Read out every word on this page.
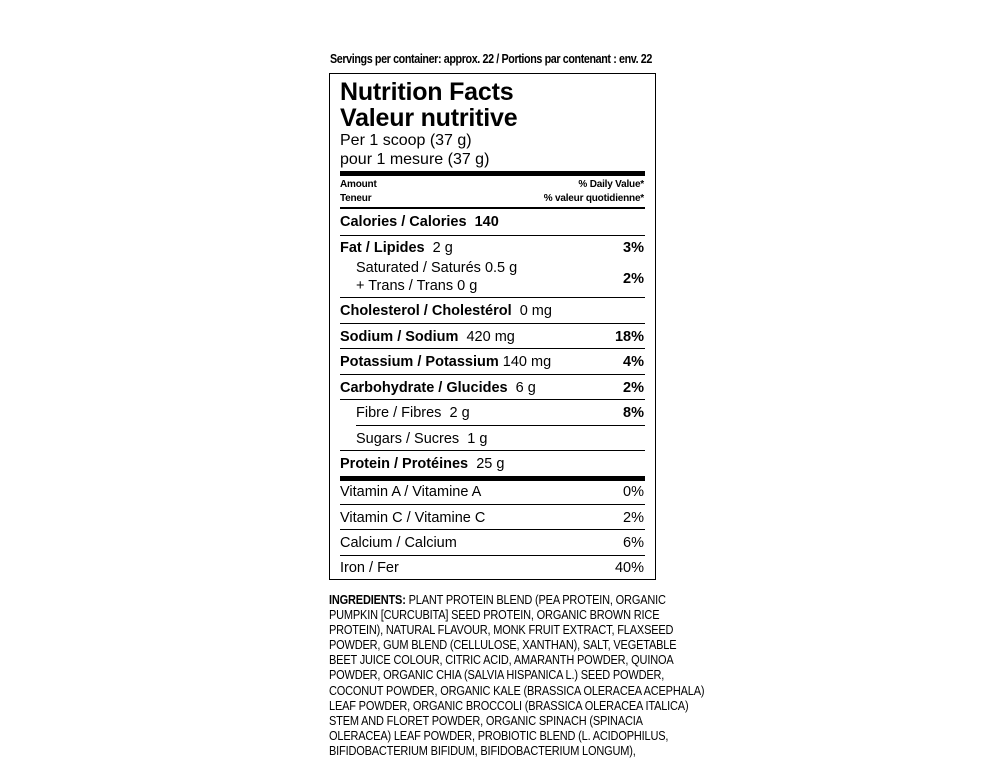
Servings per container: approx. 22 / Portions par contenant : env. 22
Nutrition Facts
Valeur nutritive
Per 1 scoop (37 g)
pour 1 mesure (37 g)
Amount
Teneur
% Daily Value*
% valeur quotidienne*
Calories / Calories 140
Fat / Lipides 2 g	3%
Saturated / Saturés 0.5 g
+ Trans / Trans 0 g	2%
Cholesterol / Cholestérol 0 mg
Sodium / Sodium 420 mg	18%
Potassium / Potassium 140 mg	4%
Carbohydrate / Glucides 6 g	2%
Fibre / Fibres 2 g	8%
Sugars / Sucres 1 g
Protein / Protéines 25 g
Vitamin A / Vitamine A	0%
Vitamin C / Vitamine C	2%
Calcium / Calcium	6%
Iron / Fer	40%
INGREDIENTS: PLANT PROTEIN BLEND (PEA PROTEIN, ORGANIC
PUMPKIN [CURCUBITA] SEED PROTEIN, ORGANIC BROWN RICE
PROTEIN), NATURAL FLAVOUR, MONK FRUIT EXTRACT, FLAXSEED
POWDER, GUM BLEND (CELLULOSE, XANTHAN), SALT, VEGETABLE
BEET JUICE COLOUR, CITRIC ACID, AMARANTH POWDER, QUINOA
POWDER, ORGANIC CHIA (SALVIA HISPANICA L.) SEED POWDER,
COCONUT POWDER, ORGANIC KALE (BRASSICA OLERACEA ACEPHALA)
LEAF POWDER, ORGANIC BROCCOLI (BRASSICA OLERACEA ITALICA)
STEM AND FLORET POWDER, ORGANIC SPINACH (SPINACIA
OLERACEA) LEAF POWDER, PROBIOTIC BLEND (L. ACIDOPHILUS,
BIFIDOBACTERIUM BIFIDUM, BIFIDOBACTERIUM LONGUM),
